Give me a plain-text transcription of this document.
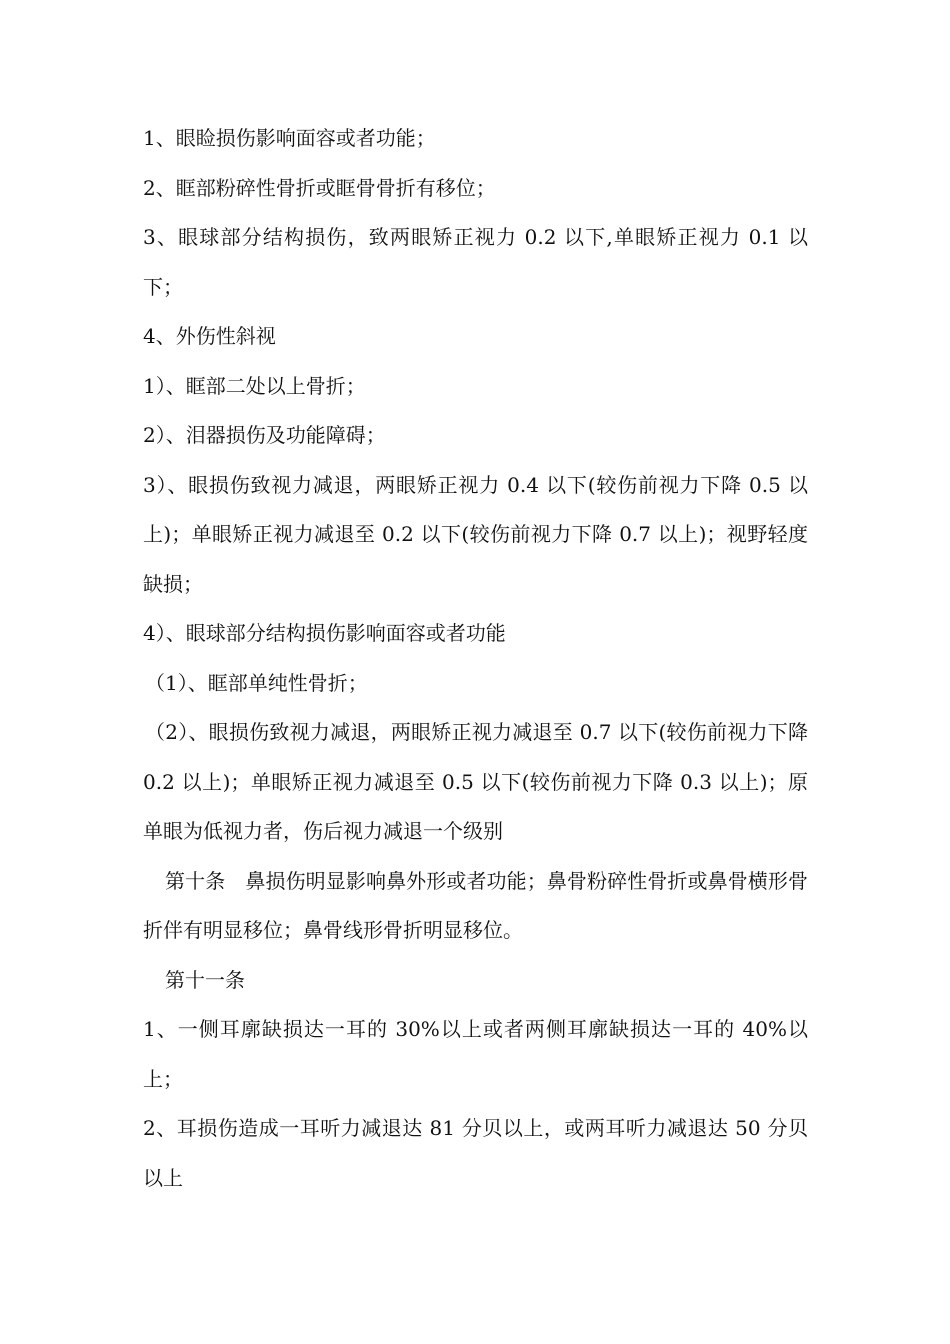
1、眼睑损伤影响面容或者功能；

2、眶部粉碎性骨折或眶骨骨折有移位；

3、眼球部分结构损伤，致两眼矫正视力 0.2 以下,单眼矫正视力 0.1 以下；

4、外伤性斜视

1）、眶部二处以上骨折；

2）、泪器损伤及功能障碍；

3）、眼损伤致视力减退，两眼矫正视力 0.4 以下(较伤前视力下降 0.5 以上)；单眼矫正视力减退至 0.2 以下(较伤前视力下降 0.7 以上)；视野轻度缺损；

4）、眼球部分结构损伤影响面容或者功能

（1）、眶部单纯性骨折；

（2）、眼损伤致视力减退，两眼矫正视力减退至 0.7 以下(较伤前视力下降 0.2 以上)；单眼矫正视力减退至 0.5 以下(较伤前视力下降 0.3 以上)；原单眼为低视力者，伤后视力减退一个级别

第十条　鼻损伤明显影响鼻外形或者功能；鼻骨粉碎性骨折或鼻骨横形骨折伴有明显移位；鼻骨线形骨折明显移位。

第十一条

1、一侧耳廓缺损达一耳的 30%以上或者两侧耳廓缺损达一耳的 40%以上；

2、耳损伤造成一耳听力减退达 81 分贝以上，或两耳听力减退达 50 分贝以上
